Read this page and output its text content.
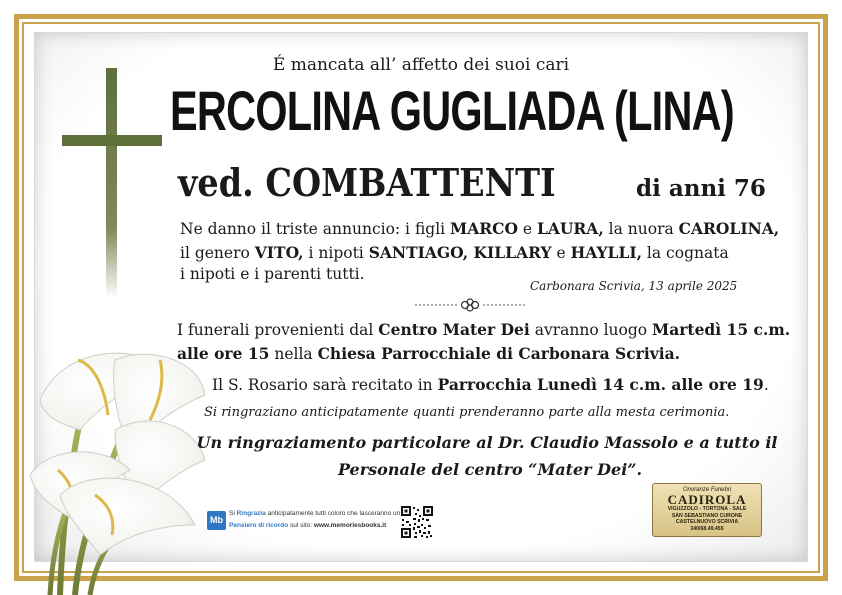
É mancata all’ affetto dei suoi cari
ERCOLINA GUGLIADA (LINA)
ved. COMBATTENTI	di anni 76
Ne danno il triste annuncio: i figli MARCO e LAURA, la nuora CAROLINA,
il genero VITO, i nipoti SANTIAGO, KILLARY e HAYLLI, la cognata
i nipoti e i parenti tutti.
Carbonara Scrivia, 13 aprile 2025
I funerali provenienti dal Centro Mater Dei avranno luogo Martedì 15 c.m.
alle ore 15 nella Chiesa Parrocchiale di Carbonara Scrivia.
Il S. Rosario sarà recitato in Parrocchia Lunedì 14 c.m. alle ore 19.
Si ringraziano anticipatamente quanti prenderanno parte alla mesta cerimonia.
Un ringraziamento particolare al Dr. Claudio Massolo e a tutto il
Personale del centro “Mater Dei”.
Mb
Si Ringrazia anticipatamente tutti coloro che lasceranno un
Pensiero di ricordo sul sito: www.memoriesbooks.it
Onoranze Funebri
CADIROLA
VIGUZZOLO - TORTONA - SALE
SAN SEBASTIANO CURONE
CASTELNUOVO SCRIVIA
340/68.49.455
